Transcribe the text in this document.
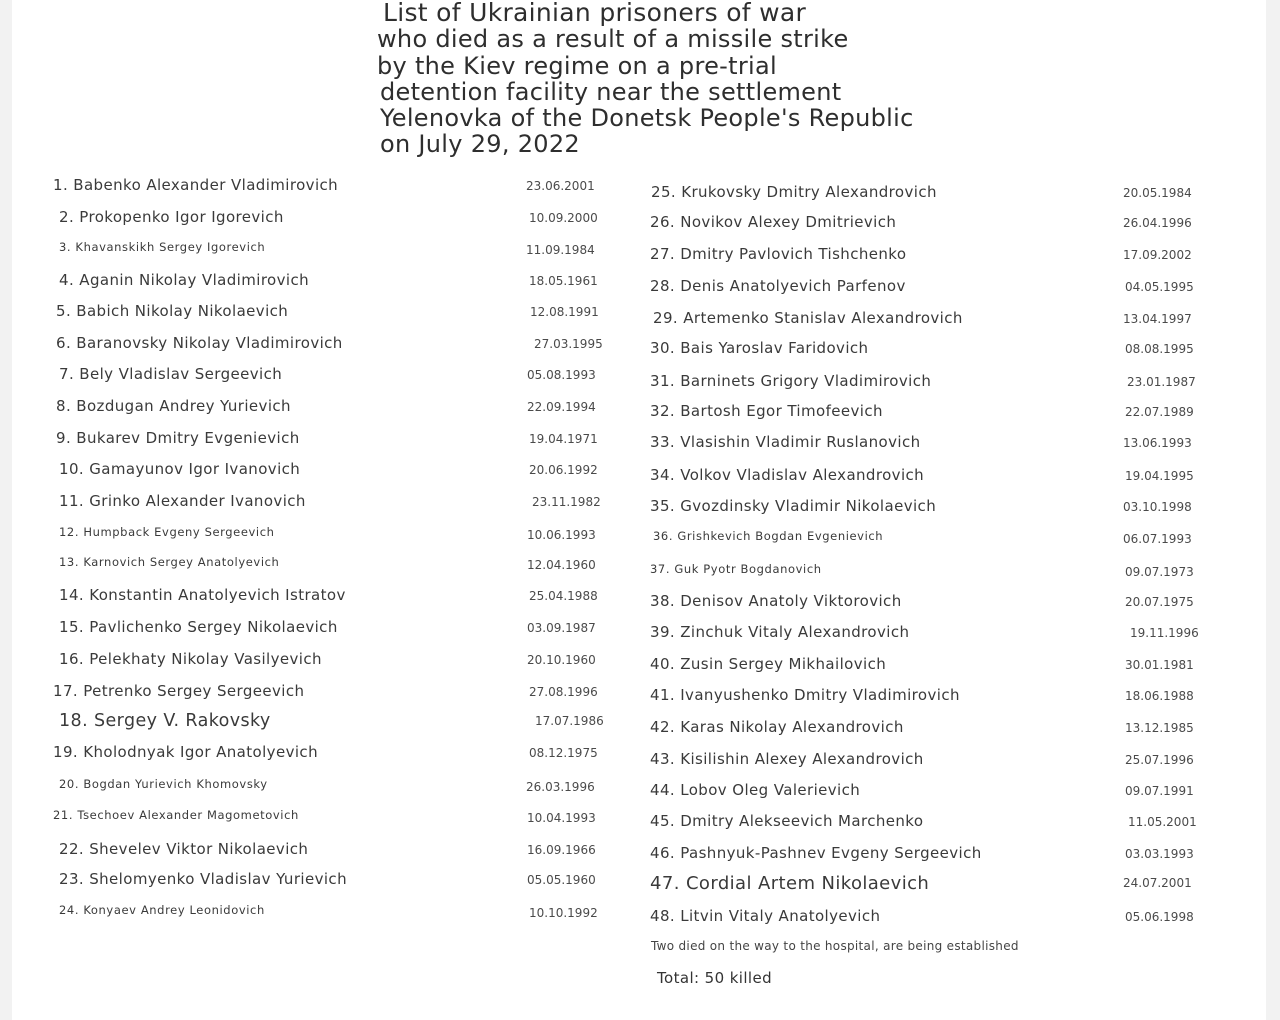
List of Ukrainian prisoners of war
who died as a result of a missile strike
by the Kiev regime on a pre-trial
detention facility near the settlement
Yelenovka of the Donetsk People's Republic
on July 29, 2022
1. Babenko Alexander Vladimirovich	23.06.2001
2. Prokopenko Igor Igorevich	10.09.2000
3. Khavanskikh Sergey Igorevich	11.09.1984
4. Aganin Nikolay Vladimirovich	18.05.1961
5. Babich Nikolay Nikolaevich	12.08.1991
6. Baranovsky Nikolay Vladimirovich	27.03.1995
7. Bely Vladislav Sergeevich	05.08.1993
8. Bozdugan Andrey Yurievich	22.09.1994
9. Bukarev Dmitry Evgenievich	19.04.1971
10. Gamayunov Igor Ivanovich	20.06.1992
11. Grinko Alexander Ivanovich	23.11.1982
12. Humpback Evgeny Sergeevich	10.06.1993
13. Karnovich Sergey Anatolyevich	12.04.1960
14. Konstantin Anatolyevich Istratov	25.04.1988
15. Pavlichenko Sergey Nikolaevich	03.09.1987
16. Pelekhaty Nikolay Vasilyevich	20.10.1960
17. Petrenko Sergey Sergeevich	27.08.1996
18. Sergey V. Rakovsky	17.07.1986
19. Kholodnyak Igor Anatolyevich	08.12.1975
20. Bogdan Yurievich Khomovsky	26.03.1996
21. Tsechoev Alexander Magometovich	10.04.1993
22. Shevelev Viktor Nikolaevich	16.09.1966
23. Shelomyenko Vladislav Yurievich	05.05.1960
24. Konyaev Andrey Leonidovich	10.10.1992
25. Krukovsky Dmitry Alexandrovich	20.05.1984
26. Novikov Alexey Dmitrievich	26.04.1996
27. Dmitry Pavlovich Tishchenko	17.09.2002
28. Denis Anatolyevich Parfenov	04.05.1995
29. Artemenko Stanislav Alexandrovich	13.04.1997
30. Bais Yaroslav Faridovich	08.08.1995
31. Barninets Grigory Vladimirovich	23.01.1987
32. Bartosh Egor Timofeevich	22.07.1989
33. Vlasishin Vladimir Ruslanovich	13.06.1993
34. Volkov Vladislav Alexandrovich	19.04.1995
35. Gvozdinsky Vladimir Nikolaevich	03.10.1998
36. Grishkevich Bogdan Evgenievich	06.07.1993
37. Guk Pyotr Bogdanovich	09.07.1973
38. Denisov Anatoly Viktorovich	20.07.1975
39. Zinchuk Vitaly Alexandrovich	19.11.1996
40. Zusin Sergey Mikhailovich	30.01.1981
41. Ivanyushenko Dmitry Vladimirovich	18.06.1988
42. Karas Nikolay Alexandrovich	13.12.1985
43. Kisilishin Alexey Alexandrovich	25.07.1996
44. Lobov Oleg Valerievich	09.07.1991
45. Dmitry Alekseevich Marchenko	11.05.2001
46. Pashnyuk-Pashnev Evgeny Sergeevich	03.03.1993
47. Cordial Artem Nikolaevich	24.07.2001
48. Litvin Vitaly Anatolyevich	05.06.1998
Two died on the way to the hospital, are being established
Total: 50 killed
